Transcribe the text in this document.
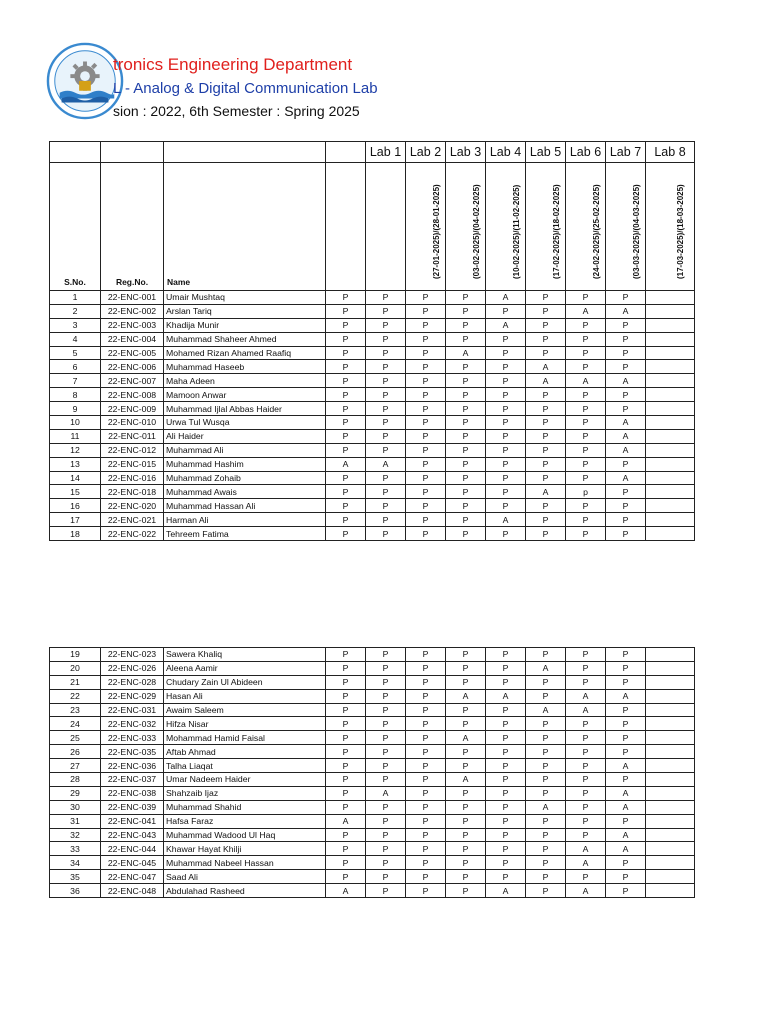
tronics Engineering Department
L - Analog & Digital Communication Lab
sion : 2022, 6th Semester : Spring 2025
				Lab 1	Lab 2	Lab 3	Lab 4	Lab 5	Lab 6	Lab 7	Lab 8
S.No.	Reg.No.	Name			(27-01-2025)/(28-01-2025)	(03-02-2025)/(04-02-2025)	(10-02-2025)/(11-02-2025)	(17-02-2025)/(18-02-2025)	(24-02-2025)/(25-02-2025)	(03-03-2025)/(04-03-2025)	(17-03-2025)/(18-03-2025)

1	22-ENC-001	Umair Mushtaq	P	P	P	P	A	P	P	P	
2	22-ENC-002	Arslan Tariq	P	P	P	P	P	P	A	A	
3	22-ENC-003	Khadija Munir	P	P	P	P	A	P	P	P	
4	22-ENC-004	Muhammad Shaheer Ahmed	P	P	P	P	P	P	P	P	
5	22-ENC-005	Mohamed Rizan Ahamed Raafiq	P	P	P	A	P	P	P	P	
6	22-ENC-006	Muhammad Haseeb	P	P	P	P	P	A	P	P	
7	22-ENC-007	Maha Adeen	P	P	P	P	P	A	A	A	
8	22-ENC-008	Mamoon Anwar	P	P	P	P	P	P	P	P	
9	22-ENC-009	Muhammad Ijlal Abbas Haider	P	P	P	P	P	P	P	P	
10	22-ENC-010	Urwa Tul Wusqa	P	P	P	P	P	P	P	A	
11	22-ENC-011	Ali Haider	P	P	P	P	P	P	P	A	
12	22-ENC-012	Muhammad Ali	P	P	P	P	P	P	P	A	
13	22-ENC-015	Muhammad Hashim	A	A	P	P	P	P	P	P	
14	22-ENC-016	Muhammad Zohaib	P	P	P	P	P	P	P	A	
15	22-ENC-018	Muhammad Awais	P	P	P	P	P	A	p	P	
16	22-ENC-020	Muhammad Hassan Ali	P	P	P	P	P	P	P	P	
17	22-ENC-021	Harman Ali	P	P	P	P	A	P	P	P	
18	22-ENC-022	Tehreem Fatima	P	P	P	P	P	P	P	P	
19	22-ENC-023	Sawera Khaliq	P	P	P	P	P	P	P	P	
20	22-ENC-026	Aleena Aamir	P	P	P	P	P	A	P	P	
21	22-ENC-028	Chudary Zain Ul Abideen	P	P	P	P	P	P	P	P	
22	22-ENC-029	Hasan Ali	P	P	P	A	A	P	A	A	
23	22-ENC-031	Awaim Saleem	P	P	P	P	P	A	A	P	
24	22-ENC-032	Hifza Nisar	P	P	P	P	P	P	P	P	
25	22-ENC-033	Mohammad Hamid Faisal	P	P	P	A	P	P	P	P	
26	22-ENC-035	Aftab Ahmad	P	P	P	P	P	P	P	P	
27	22-ENC-036	Talha Liaqat	P	P	P	P	P	P	P	A	
28	22-ENC-037	Umar Nadeem Haider	P	P	P	A	P	P	P	P	
29	22-ENC-038	Shahzaib Ijaz	P	A	P	P	P	P	P	A	
30	22-ENC-039	Muhammad Shahid	P	P	P	P	P	A	P	A	
31	22-ENC-041	Hafsa Faraz	A	P	P	P	P	P	P	P	
32	22-ENC-043	Muhammad Wadood Ul Haq	P	P	P	P	P	P	P	A	
33	22-ENC-044	Khawar Hayat Khilji	P	P	P	P	P	P	A	A	
34	22-ENC-045	Muhammad Nabeel Hassan	P	P	P	P	P	P	A	P	
35	22-ENC-047	Saad Ali	P	P	P	P	P	P	P	P	
36	22-ENC-048	Abdulahad Rasheed	A	P	P	P	A	P	A	P	
